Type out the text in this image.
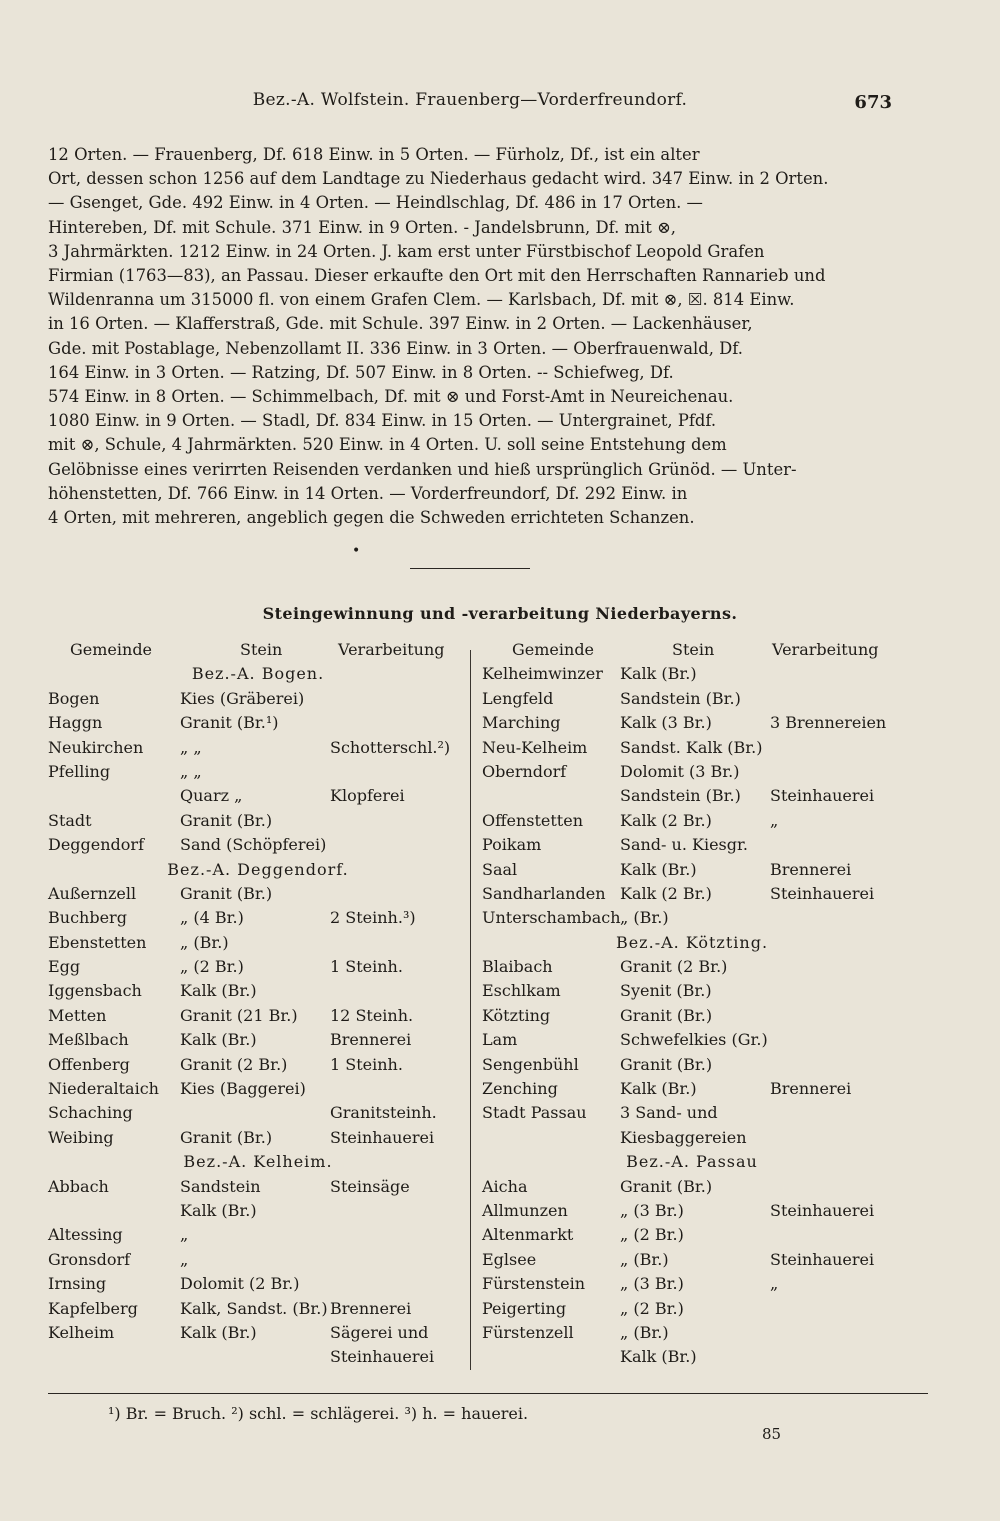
Bez.-A. Wolfstein. Frauenberg—Vorderfreundorf.	673

12 Orten. — Frauenberg, Df. 618 Einw. in 5 Orten. — Fürholz, Df., ist ein alter

Ort, dessen schon 1256 auf dem Landtage zu Niederhaus gedacht wird. 347 Einw. in 2 Orten.

— Gsenget, Gde. 492 Einw. in 4 Orten. — Heindlschlag, Df. 486 in 17 Orten. —

Hintereben, Df. mit Schule. 371 Einw. in 9 Orten. - Jandelsbrunn, Df. mit ⊗,

3 Jahrmärkten. 1212 Einw. in 24 Orten. J. kam erst unter Fürstbischof Leopold Grafen

Firmian (1763—83), an Passau. Dieser erkaufte den Ort mit den Herrschaften Rannarieb und

Wildenranna um 315000 fl. von einem Grafen Clem. — Karlsbach, Df. mit ⊗, ☒. 814 Einw.

in 16 Orten. — Klafferstraß, Gde. mit Schule. 397 Einw. in 2 Orten. — Lackenhäuser,

Gde. mit Postablage, Nebenzollamt II. 336 Einw. in 3 Orten. — Oberfrauenwald, Df.

164 Einw. in 3 Orten. — Ratzing, Df. 507 Einw. in 8 Orten. -- Schiefweg, Df.

574 Einw. in 8 Orten. — Schimmelbach, Df. mit ⊗ und Forst-Amt in Neureichenau.

1080 Einw. in 9 Orten. — Stadl, Df. 834 Einw. in 15 Orten. — Untergrainet, Pfdf.

mit ⊗, Schule, 4 Jahrmärkten. 520 Einw. in 4 Orten. U. soll seine Entstehung dem

Gelöbnisse eines verirrten Reisenden verdanken und hieß ursprünglich Grünöd. — Unter-

höhenstetten, Df. 766 Einw. in 14 Orten. — Vorderfreundorf, Df. 292 Einw. in

4 Orten, mit mehreren, angeblich gegen die Schweden errichteten Schanzen.

•
Steingewinnung und -verarbeitung Niederbayerns.
Gemeinde	Stein	Verarbeitung
Bez.-A. Bogen.
Bogen	Kies (Gräberei)
Haggn	Granit (Br.¹)
Neukirchen „ „	Schotterschl.²)
Pfelling	„ „
Quarz „	Klopferei
Stadt	Granit (Br.)
Deggendorf Sand (Schöpferei)
Bez.-A. Deggendorf.
Außernzell	Granit (Br.)
Buchberg	„ (4 Br.)	2 Steinh.³)
Ebenstetten „ (Br.)
Egg	„ (2 Br.)	1 Steinh.
Iggensbach Kalk (Br.)
Metten	Granit (21 Br.) 12 Steinh.
Meßlbach	Kalk (Br.)	Brennerei
Offenberg	Granit (2 Br.)	1 Steinh.
Niederaltaich Kies (Baggerei)
Schaching	Granitsteinh.
Weibing	Granit (Br.)	Steinhauerei
Bez.-A. Kelheim.
Abbach	Sandstein	Steinsäge
Kalk (Br.)
Altessing	„
Gronsdorf	„
Irnsing	Dolomit (2 Br.)
Kapfelberg	Kalk, Sandst. (Br.) Brennerei
Kelheim	Kalk (Br.)	Sägerei und
Steinhauerei
Gemeinde	Stein	Verarbeitung
Kelheimwinzer Kalk (Br.)
Lengfeld	Sandstein (Br.)
Marching	Kalk (3 Br.)	3 Brennereien
Neu-Kelheim Sandst. Kalk (Br.)
Oberndorf	Dolomit (3 Br.)
Sandstein (Br.) Steinhauerei
Offenstetten Kalk (2 Br.)	„
Poikam	Sand- u. Kiesgr.
Saal	Kalk (Br.)	Brennerei
Sandharlanden Kalk (2 Br.)	Steinhauerei
Unterschambach „ (Br.)
Bez.-A. Kötzting.
Blaibach	Granit (2 Br.)
Eschlkam	Syenit (Br.)
Kötzting	Granit (Br.)
Lam	Schwefelkies (Gr.)
Sengenbühl	Granit (Br.)
Zenching	Kalk (Br.)	Brennerei
Stadt Passau 3 Sand- und
Kiesbaggereien
Bez.-A. Passau
Aicha	Granit (Br.)
Allmunzen	„ (3 Br.)	Steinhauerei
Altenmarkt	„ (2 Br.)
Eglsee	„ (Br.)	Steinhauerei
Fürstenstein „ (3 Br.)	„
Peigerting	„ (2 Br.)
Fürstenzell	„ (Br.)
Kalk (Br.)
¹) Br. = Bruch. ²) schl. = schlägerei. ³) h. = hauerei.
85
